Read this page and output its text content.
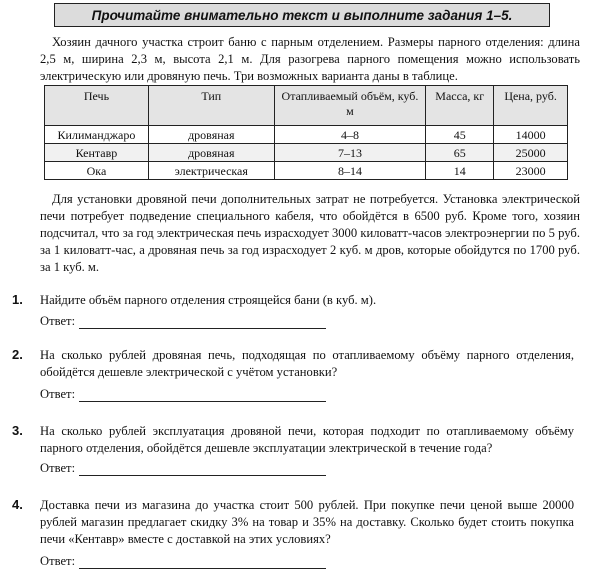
Прочитайте внимательно текст и выполните задания 1–5.

Хозяин дачного участка строит баню с парным отделением. Размеры парного отделения: длина 2,5 м, ширина 2,3 м, высота 2,1 м. Для разогрева парного помещения можно использовать электрическую или дровяную печь. Три возможных варианта даны в таблице.

Печь	Тип	Отапливаемый объём, куб. м	Масса, кг	Цена, руб.
Килиманджаро	дровяная	4–8	45	14000
Кентавр	дровяная	7–13	65	25000
Ока	электрическая	8–14	14	23000

Для установки дровяной печи дополнительных затрат не потребуется. Установка электрической печи потребует подведение специального кабеля, что обойдётся в 6500 руб. Кроме того, хозяин подсчитал, что за год электрическая печь израсходует 3000 киловатт-часов электроэнергии по 5 руб. за 1 киловатт-час, а дровяная печь за год израсходует 2 куб. м дров, которые обойдутся по 1700 руб. за 1 куб. м.

1. Найдите объём парного отделения строящейся бани (в куб. м).

Ответ:
2. На сколько рублей дровяная печь, подходящая по отапливаемому объёму парного отделения, обойдётся дешевле электрической с учётом установки?

Ответ:
3. На сколько рублей эксплуатация дровяной печи, которая подходит по отапливаемому объёму парного отделения, обойдётся дешевле эксплуатации электрической в течение года?

Ответ:
4. Доставка печи из магазина до участка стоит 500 рублей. При покупке печи ценой выше 20000 рублей магазин предлагает скидку 3% на товар и 35% на доставку. Сколько будет стоить покупка печи «Кентавр» вместе с доставкой на этих условиях?

Ответ:
